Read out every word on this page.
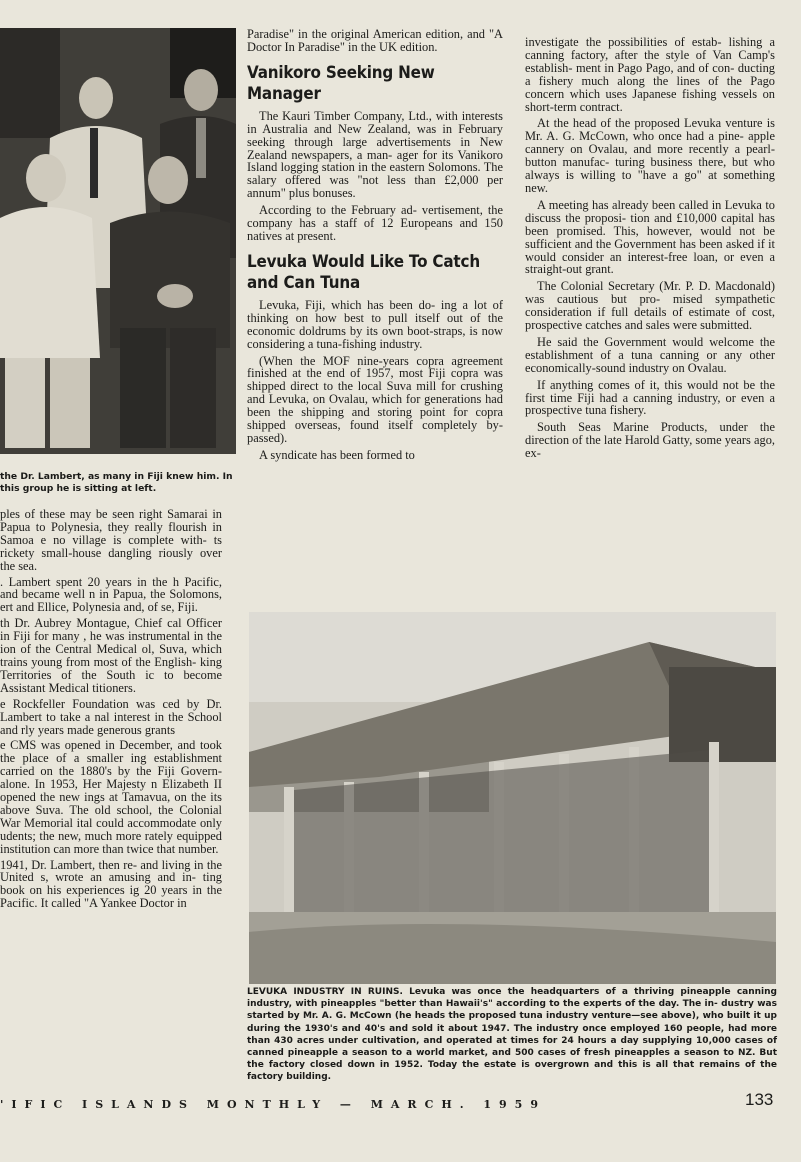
the Dr. Lambert, as many in Fiji knew him. In this group he is sitting at left.

ples of these may be seen right Samarai in Papua to Polynesia, they really flourish in Samoa e no village is complete with- ts rickety small-house dangling riously over the sea.

. Lambert spent 20 years in the h Pacific, and became well n in Papua, the Solomons, ert and Ellice, Polynesia and, of se, Fiji.

th Dr. Aubrey Montague, Chief cal Officer in Fiji for many , he was instrumental in the ion of the Central Medical ol, Suva, which trains young from most of the English- king Territories of the South ic to become Assistant Medical titioners.

e Rockfeller Foundation was ced by Dr. Lambert to take a nal interest in the School and rly years made generous grants

e CMS was opened in December, and took the place of a smaller ing establishment carried on the 1880's by the Fiji Govern- alone. In 1953, Her Majesty n Elizabeth II opened the new ings at Tamavua, on the its above Suva. The old school, the Colonial War Memorial ital could accommodate only udents; the new, much more rately equipped institution can more than twice that number.

1941, Dr. Lambert, then re- and living in the United s, wrote an amusing and in- ting book on his experiences ig 20 years in the Pacific. It called "A Yankee Doctor in

Paradise" in the original American edition, and "A Doctor In Paradise" in the UK edition.

Vanikoro Seeking New Manager

The Kauri Timber Company, Ltd., with interests in Australia and New Zealand, was in February seeking through large advertisements in New Zealand newspapers, a man- ager for its Vanikoro Island logging station in the eastern Solomons. The salary offered was "not less than £2,000 per annum" plus bonuses.

According to the February ad- vertisement, the company has a staff of 12 Europeans and 150 natives at present.

Levuka Would Like To Catch and Can Tuna

Levuka, Fiji, which has been do- ing a lot of thinking on how best to pull itself out of the economic doldrums by its own boot-straps, is now considering a tuna-fishing industry.

(When the MOF nine-years copra agreement finished at the end of 1957, most Fiji copra was shipped direct to the local Suva mill for crushing and Levuka, on Ovalau, which for generations had been the shipping and storing point for copra shipped overseas, found itself completely by-passed).

A syndicate has been formed to

investigate the possibilities of estab- lishing a canning factory, after the style of Van Camp's establish- ment in Pago Pago, and of con- ducting a fishery much along the lines of the Pago concern which uses Japanese fishing vessels on short-term contract.

At the head of the proposed Levuka venture is Mr. A. G. McCown, who once had a pine- apple cannery on Ovalau, and more recently a pearl-button manufac- turing business there, but who always is willing to "have a go" at something new.

A meeting has already been called in Levuka to discuss the proposi- tion and £10,000 capital has been promised. This, however, would not be sufficient and the Government has been asked if it would consider an interest-free loan, or even a straight-out grant.

The Colonial Secretary (Mr. P. D. Macdonald) was cautious but pro- mised sympathetic consideration if full details of estimate of cost, prospective catches and sales were submitted.

He said the Government would welcome the establishment of a tuna canning or any other economically-sound industry on Ovalau.

If anything comes of it, this would not be the first time Fiji had a canning industry, or even a prospective tuna fishery.

South Seas Marine Products, under the direction of the late Harold Gatty, some years ago, ex-

LEVUKA INDUSTRY IN RUINS. Levuka was once the headquarters of a thriving pineapple canning industry, with pineapples "better than Hawaii's" according to the experts of the day. The in- dustry was started by Mr. A. G. McCown (he heads the proposed tuna industry venture—see above), who built it up during the 1930's and 40's and sold it about 1947. The industry once employed 160 people, had more than 430 acres under cultivation, and operated at times for 24 hours a day supplying 10,000 cases of canned pineapple a season to a world market, and 500 cases of fresh pineapples a season to NZ. But the factory closed down in 1952. Today the estate is overgrown and this is all that remains of the factory building.
'IFIC ISLANDS MONTHLY — MARCH. 1959	133
